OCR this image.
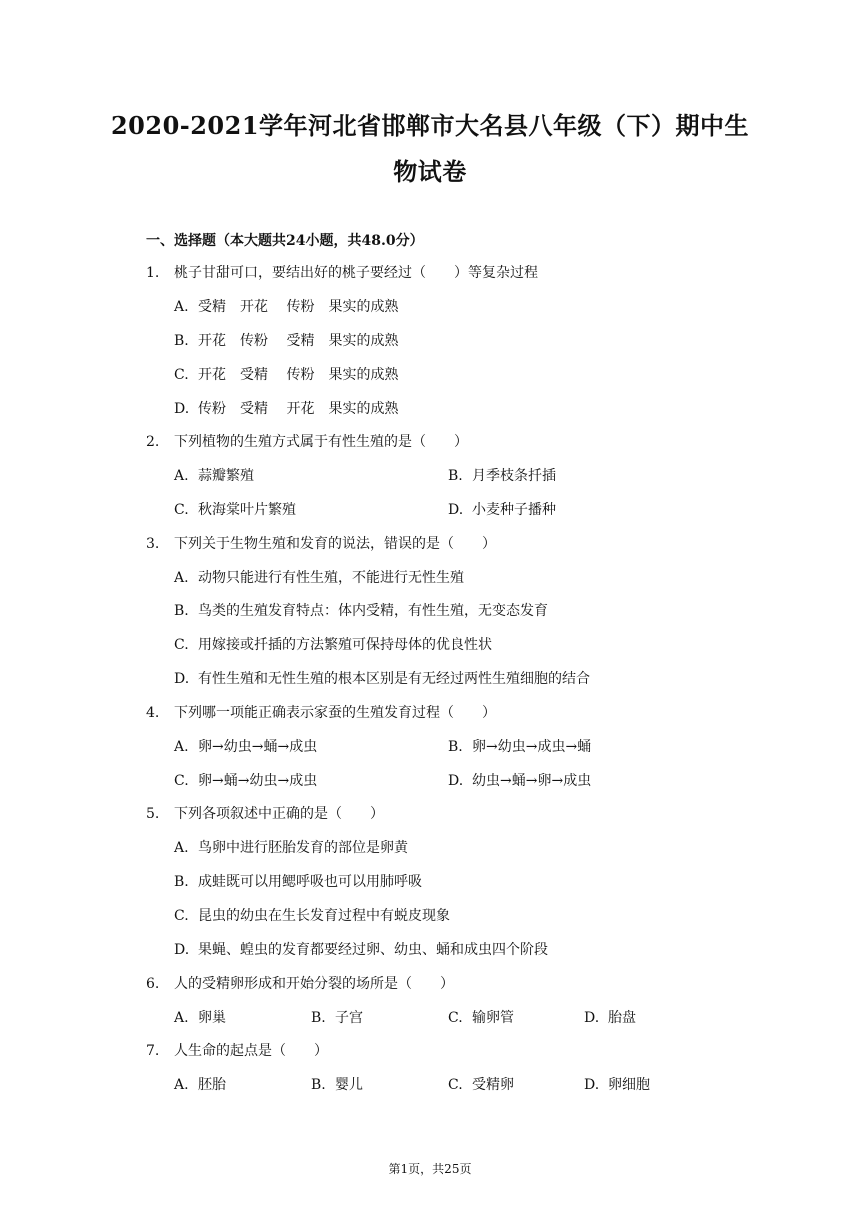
2020-2021学年河北省邯郸市大名县八年级（下）期中生
物试卷
一、选择题（本大题共24小题，共48.0分）
1. 桃子甘甜可口，要结出好的桃子要经过（　　）等复杂过程
A. 受精　开花　 传粉　果实的成熟
B. 开花　传粉　 受精　果实的成熟
C. 开花　受精　 传粉　果实的成熟
D. 传粉　受精　 开花　果实的成熟
2. 下列植物的生殖方式属于有性生殖的是（　　）
A. 蒜瓣繁殖	B. 月季枝条扦插
C. 秋海棠叶片繁殖	D. 小麦种子播种
3. 下列关于生物生殖和发育的说法，错误的是（　　）
A. 动物只能进行有性生殖，不能进行无性生殖
B. 鸟类的生殖发育特点：体内受精，有性生殖，无变态发育
C. 用嫁接或扦插的方法繁殖可保持母体的优良性状
D. 有性生殖和无性生殖的根本区别是有无经过两性生殖细胞的结合
4. 下列哪一项能正确表示家蚕的生殖发育过程（　　）
A. 卵→幼虫→蛹→成虫	B. 卵→幼虫→成虫→蛹
C. 卵→蛹→幼虫→成虫	D. 幼虫→蛹→卵→成虫
5. 下列各项叙述中正确的是（　　）
A. 鸟卵中进行胚胎发育的部位是卵黄
B. 成蛙既可以用鳃呼吸也可以用肺呼吸
C. 昆虫的幼虫在生长发育过程中有蜕皮现象
D. 果蝇、蝗虫的发育都要经过卵、幼虫、蛹和成虫四个阶段
6. 人的受精卵形成和开始分裂的场所是（　　）
A. 卵巢	B. 子宫	C. 输卵管	D. 胎盘
7. 人生命的起点是（　　）
A. 胚胎	B. 婴儿	C. 受精卵	D. 卵细胞
第1页，共25页
